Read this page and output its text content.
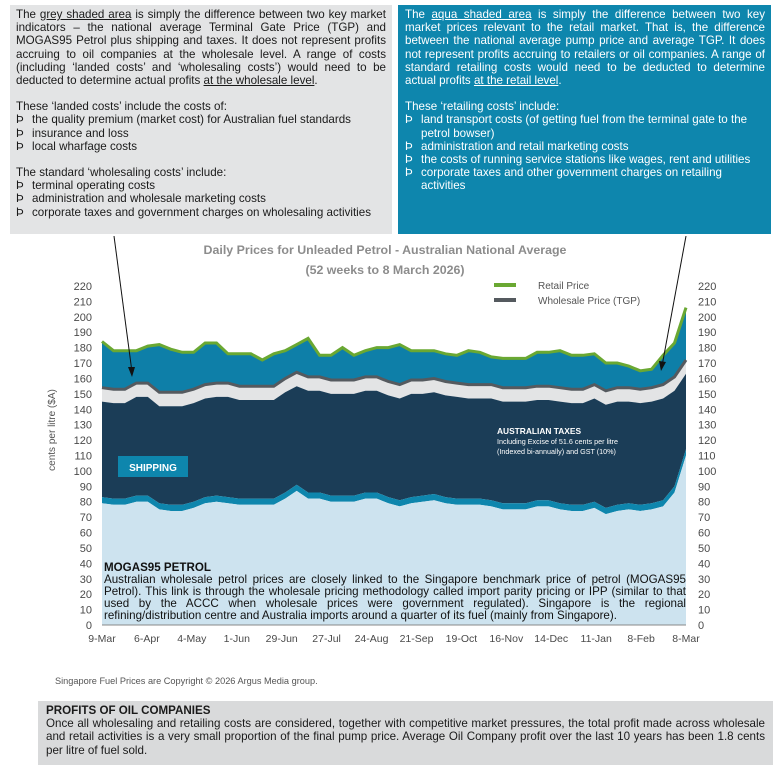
The grey shaded area is simply the difference between two key market indicators – the national average Terminal Gate Price (TGP) and MOGAS95 Petrol plus shipping and taxes. It does not represent profits accruing to oil companies at the wholesale level. A range of costs (including ‘landed costs’ and ‘wholesaling costs’) would need to be deducted to determine actual profits at the wholesale level.

These ‘landed costs’ include the costs of:
Þ the quality premium (market cost) for Australian fuel standards
Þ insurance and loss
Þ local wharfage costs
The standard ‘wholesaling costs’ include:
Þ terminal operating costs
Þ administration and wholesale marketing costs
Þ corporate taxes and government charges on wholesaling activities

The aqua shaded area is simply the difference between two key market prices relevant to the retail market. That is, the difference between the national average pump price and average TGP. It does not represent profits accruing to retailers or oil companies. A range of standard retailing costs would need to be deducted to determine actual profits at the retail level.

These ‘retailing costs’ include:
Þ land transport costs (of getting fuel from the terminal gate to the petrol bowser)
Þ administration and retail marketing costs
Þ the costs of running service stations like wages, rent and utilities
Þ corporate taxes and other government charges on retailing activities
Daily Prices for Unleaded Petrol - Australian National Average
(52 weeks to 8 March 2026)
0
10
20
30
40
50
60
70
80
90
100
110
120
130
140
150
160
170
180
190
200
210
220
0
10
20
30
40
50
60
70
80
90
100
110
120
130
140
150
160
170
180
190
200
210
220
9-Mar 6-Apr 4-May 1-Jun 29-Jun 27-Jul 24-Aug 21-Sep 19-Oct 16-Nov 14-Dec 11-Jan 8-Feb 8-Mar
cents per litre ($A)
Retail Price
Wholesale Price (TGP)
AUSTRALIAN TAXES
Including Excise of 51.6 cents per litre
(Indexed bi-annually) and GST (10%)
SHIPPING
MOGAS95 PETROL
Australian wholesale petrol prices are closely linked to the Singapore benchmark price of petrol (MOGAS95 Petrol). This link is through the wholesale pricing methodology called import parity pricing or IPP (similar to that used by the ACCC when wholesale prices were government regulated). Singapore is the regional refining/distribution centre and Australia imports around a quarter of its fuel (mainly from Singapore).
Singapore Fuel Prices are Copyright © 2026 Argus Media group.
PROFITS OF OIL COMPANIES
Once all wholesaling and retailing costs are considered, together with competitive market pressures, the total profit made across wholesale and retail activities is a very small proportion of the final pump price. Average Oil Company profit over the last 10 years has been 1.8 cents per litre of fuel sold.
